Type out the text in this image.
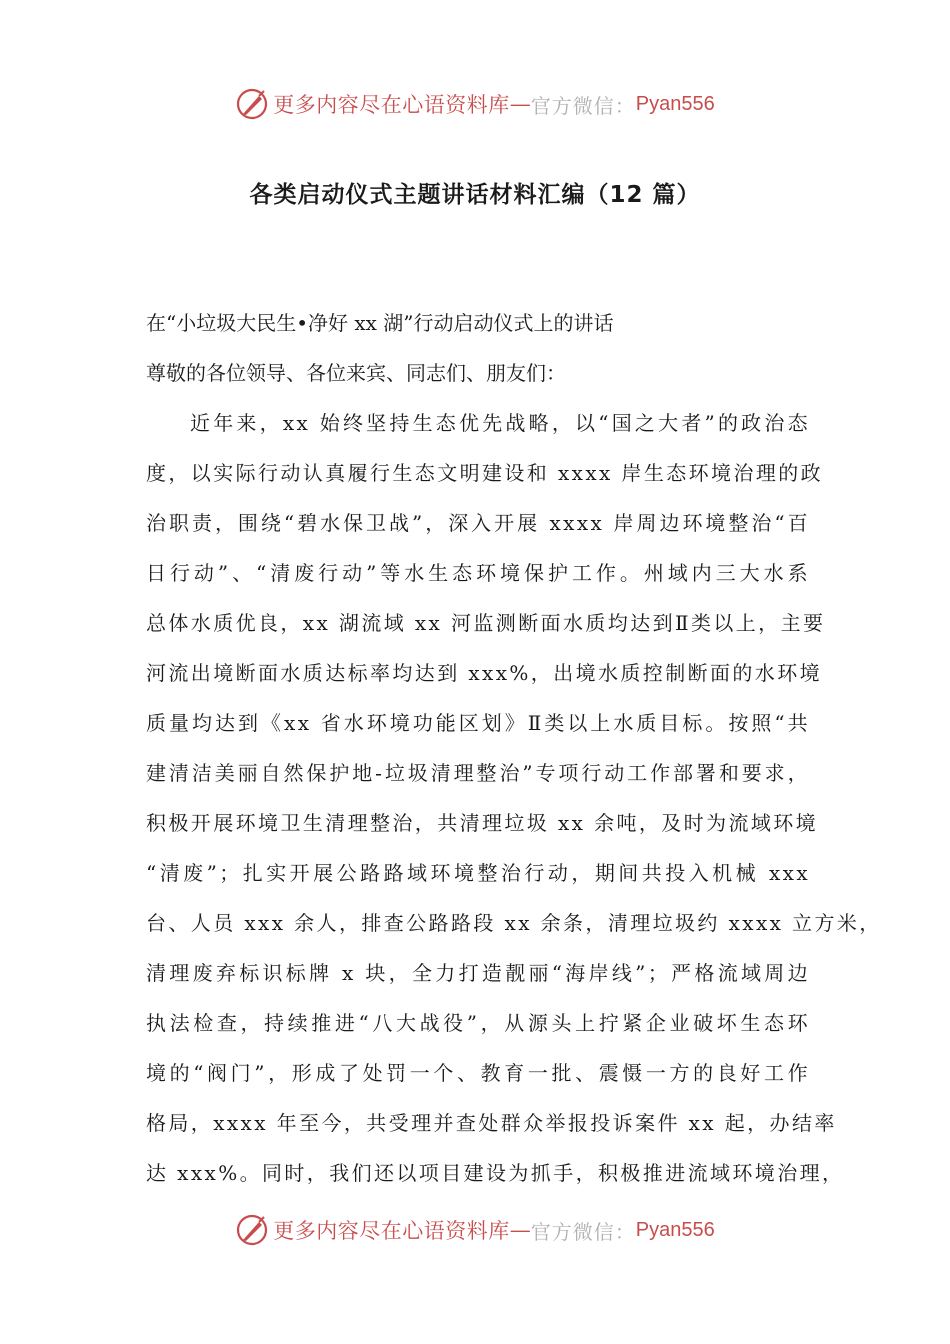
更多内容尽在心语资料库 — 官方微信： Pyan556
各类启动仪式主题讲话材料汇编（12 篇）
在“小垃圾大民生•净好 xx 湖”行动启动仪式上的讲话
尊敬的各位领导、各位来宾、同志们、朋友们：
近年来，xx 始终坚持生态优先战略，以“国之大者”的政治态
度，以实际行动认真履行生态文明建设和 xxxx 岸生态环境治理的政
治职责，围绕“碧水保卫战”，深入开展 xxxx 岸周边环境整治“百
日行动”、“清废行动”等水生态环境保护工作。州域内三大水系
总体水质优良，xx 湖流域 xx 河监测断面水质均达到Ⅱ类以上，主要
河流出境断面水质达标率均达到 xxx%，出境水质控制断面的水环境
质量均达到《xx 省水环境功能区划》Ⅱ类以上水质目标。按照“共
建清洁美丽自然保护地-垃圾清理整治”专项行动工作部署和要求，
积极开展环境卫生清理整治，共清理垃圾 xx 余吨，及时为流域环境
“清废”；扎实开展公路路域环境整治行动，期间共投入机械 xxx
台、人员 xxx 余人，排查公路路段 xx 余条，清理垃圾约 xxxx 立方米，
清理废弃标识标牌 x 块，全力打造靓丽“海岸线”；严格流域周边
执法检查，持续推进“八大战役”，从源头上拧紧企业破坏生态环
境的“阀门”，形成了处罚一个、教育一批、震慑一方的良好工作
格局，xxxx 年至今，共受理并查处群众举报投诉案件 xx 起，办结率
达 xxx%。同时，我们还以项目建设为抓手，积极推进流域环境治理，
更多内容尽在心语资料库 — 官方微信： Pyan556
